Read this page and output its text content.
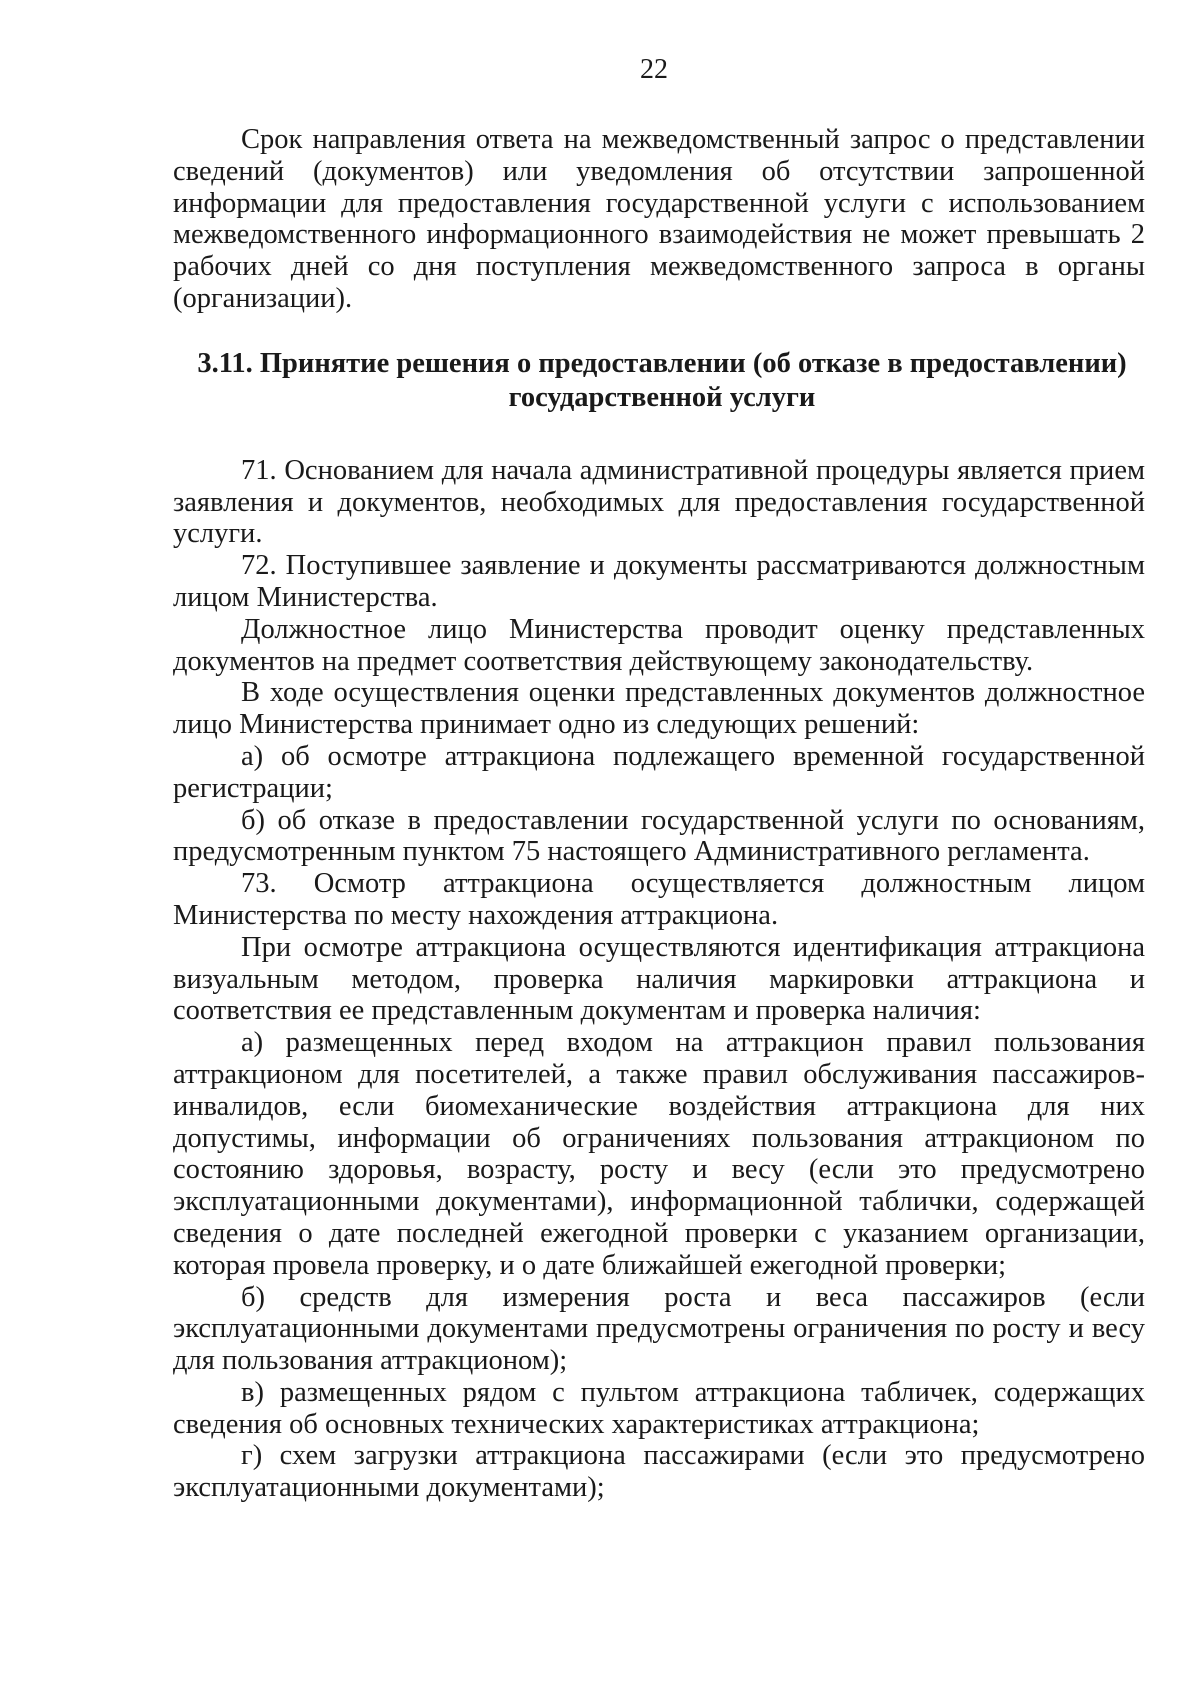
22

Срок направления ответа на межведомственный запрос о представлении сведений (документов) или уведомления об отсутствии запрошенной информации для предоставления государственной услуги с использованием межведомственного информационного взаимодействия не может превышать 2 рабочих дней со дня поступления межведомственного запроса в органы (организации).

3.11. Принятие решения о предоставлении (об отказе в предоставлении)
государственной услуги

71. Основанием для начала административной процедуры является прием заявления и документов, необходимых для предоставления государственной услуги.

72. Поступившее заявление и документы рассматриваются должностным лицом Министерства.

Должностное лицо Министерства проводит оценку представленных документов на предмет соответствия действующему законодательству.

В ходе осуществления оценки представленных документов должностное лицо Министерства принимает одно из следующих решений:

а) об осмотре аттракциона подлежащего временной государственной регистрации;

б) об отказе в предоставлении государственной услуги по основаниям, предусмотренным пунктом 75 настоящего Административного регламента.

73. Осмотр аттракциона осуществляется должностным лицом Министерства по месту нахождения аттракциона.

При осмотре аттракциона осуществляются идентификация аттракциона визуальным методом, проверка наличия маркировки аттракциона и соответствия ее представленным документам и проверка наличия:

а) размещенных перед входом на аттракцион правил пользования аттракционом для посетителей, а также правил обслуживания пассажиров-инвалидов, если биомеханические воздействия аттракциона для них допустимы, информации об ограничениях пользования аттракционом по состоянию здоровья, возрасту, росту и весу (если это предусмотрено эксплуатационными документами), информационной таблички, содержащей сведения о дате последней ежегодной проверки с указанием организации, которая провела проверку, и о дате ближайшей ежегодной проверки;

б) средств для измерения роста и веса пассажиров (если эксплуатационными документами предусмотрены ограничения по росту и весу для пользования аттракционом);

в) размещенных рядом с пультом аттракциона табличек, содержащих сведения об основных технических характеристиках аттракциона;

г) схем загрузки аттракциона пассажирами (если это предусмотрено эксплуатационными документами);
